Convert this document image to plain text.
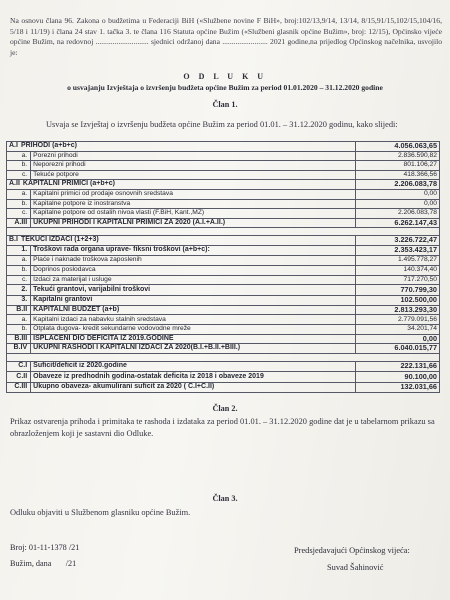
Na osnovu člana 96. Zakona o budžetima u Federaciji BiH («Službene novine F BiH», broj:102/13,9/14, 13/14, 8/15,91/15,102/15,104/16, 5/18 i 11/19) i člana 24 stav 1. tačka 3. te člana 116 Statuta općine Bužim («Službeni glasnik općine Bužim», broj: 12/15), Općinsko vijeće općine Bužim, na redovnoj ............................ sjednici održanoj dana ........................ 2021 godine,na prijedlog Općinskog načelnika, usvojilo je:
O D L U K U
o usvajanju Izvještaja o izvršenju budžeta općine Bužim za period 01.01.2020 – 31.12.2020 godine
Član 1.
Usvaja se Izvještaj o izvršenju budžeta općine Bužim za period 01.01. – 31.12.2020 godinu, kako slijedi:
A.I PRIHODI (a+b+c)		4.056.063,65
a.	Porezni prihodi	2.836.590,82
b.	Neporezni prihodi	801.106,27
c.	Tekuće potpore	418.366,56
A.II KAPITALNI PRIMICI (a+b+c)		2.206.083,78
a.	Kapitalni primici od prodaje osnovnih sredstava	0,00
b.	Kapitalne potpore iz inostranstva	0,00
c.	Kapitalne potpore od ostalih nivoa vlasti (F.BiH, Kant.,MZ)	2.206.083,78
A.III	UKUPNI PRIHODI I KAPITALNI PRIMICI ZA 2020 (A.I.+A.II.)	6.262.147,43

B.I TEKUĆI IZDACI (1+2+3)		3.226.722,47
1.	Troškovi rada organa uprave- fiksni troškovi (a+b+c):	2.353.423,17
a.	Plaće i naknade troškova zaposlenih	1.495.778,27
b.	Doprinos poslodavca	140.374,40
c.	Izdaci za materijal i usluge	717.270,50
2.	Tekući grantovi, varijabilni troškovi	770.799,30
3.	Kapitalni grantovi	102.500,00
B.II	KAPITALNI BUDŽET (a+b)	2.813.293,30
a.	Kapitalni izdaci za nabavku stalnih sredstava	2.779.091,56
b.	Otplata dugova- kredit sekundarne vodovodne mreže	34.201,74
B.III	ISPLAĆENI DIO DEFICITA IZ 2019.GODINE	0,00
B.IV	UKUPNI RASHODI I KAPITALNI IZDACI ZA 2020(B.I.+B.II.+BIII.)	6.040.015,77

C.I	Suficit/deficit iz 2020.godine	222.131,66
C.II	Obaveze iz predhodnih godina-ostatak deficita iz 2018 i obaveze 2019	90.100,00
C.III	Ukupno obaveza- akumulirani suficit za 2020 ( C.I+C.II)	132.031,66
Član 2.
Prikaz ostvarenja prihoda i primitaka te rashoda i izdataka za period 01.01. – 31.12.2020 godine dat je u tabelarnom prikazu sa obrazloženjem koji je sastavni dio Odluke.
Član 3.
Odluku objaviti u Službenom glasniku općine Bužim.
Broj: 01-11-1378 /21
Bužim, dana       /21
Predsjedavajući Općinskog vijeća:
Suvad Šahinović
